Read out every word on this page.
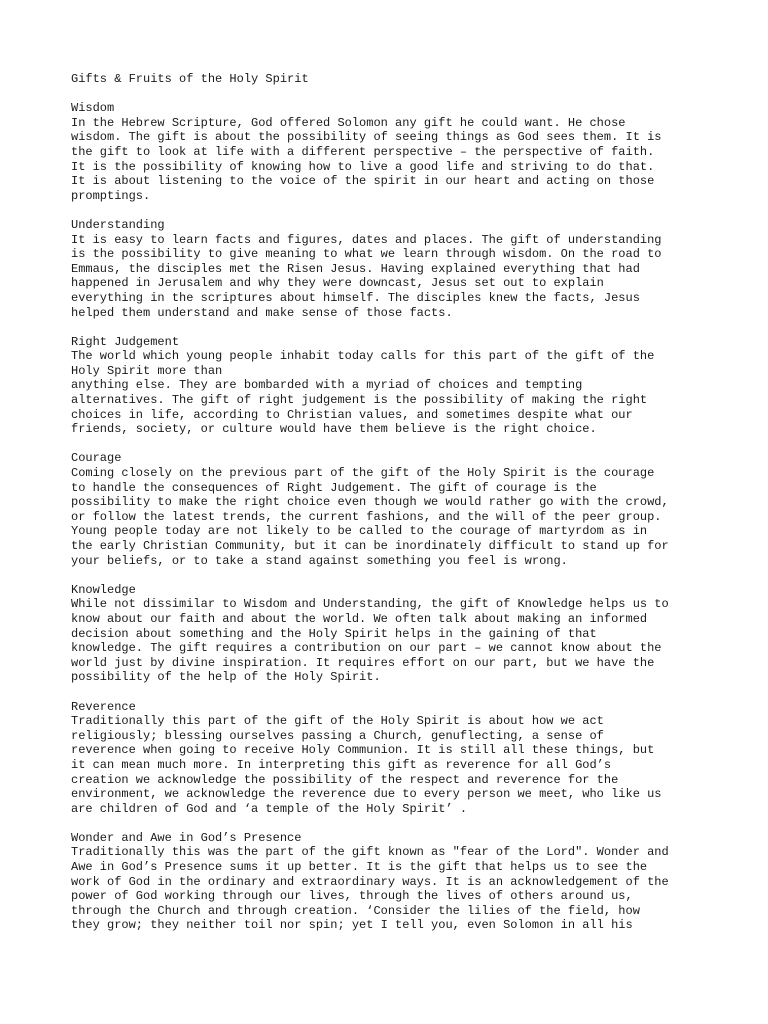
Gifts & Fruits of the Holy Spirit
Wisdom
In the Hebrew Scripture, God offered Solomon any gift he could want. He chose
wisdom. The gift is about the possibility of seeing things as God sees them. It is
the gift to look at life with a different perspective – the perspective of faith.
It is the possibility of knowing how to live a good life and striving to do that.
It is about listening to the voice of the spirit in our heart and acting on those
promptings.
Understanding
It is easy to learn facts and figures, dates and places. The gift of understanding
is the possibility to give meaning to what we learn through wisdom. On the road to
Emmaus, the disciples met the Risen Jesus. Having explained everything that had
happened in Jerusalem and why they were downcast, Jesus set out to explain
everything in the scriptures about himself. The disciples knew the facts, Jesus
helped them understand and make sense of those facts.
Right Judgement
The world which young people inhabit today calls for this part of the gift of the
Holy Spirit more than
anything else. They are bombarded with a myriad of choices and tempting
alternatives. The gift of right judgement is the possibility of making the right
choices in life, according to Christian values, and sometimes despite what our
friends, society, or culture would have them believe is the right choice.
Courage
Coming closely on the previous part of the gift of the Holy Spirit is the courage
to handle the consequences of Right Judgement. The gift of courage is the
possibility to make the right choice even though we would rather go with the crowd,
or follow the latest trends, the current fashions, and the will of the peer group.
Young people today are not likely to be called to the courage of martyrdom as in
the early Christian Community, but it can be inordinately difficult to stand up for
your beliefs, or to take a stand against something you feel is wrong.
Knowledge
While not dissimilar to Wisdom and Understanding, the gift of Knowledge helps us to
know about our faith and about the world. We often talk about making an informed
decision about something and the Holy Spirit helps in the gaining of that
knowledge. The gift requires a contribution on our part – we cannot know about the
world just by divine inspiration. It requires effort on our part, but we have the
possibility of the help of the Holy Spirit.
Reverence
Traditionally this part of the gift of the Holy Spirit is about how we act
religiously; blessing ourselves passing a Church, genuflecting, a sense of
reverence when going to receive Holy Communion. It is still all these things, but
it can mean much more. In interpreting this gift as reverence for all God’s
creation we acknowledge the possibility of the respect and reverence for the
environment, we acknowledge the reverence due to every person we meet, who like us
are children of God and ‘a temple of the Holy Spirit’ .
Wonder and Awe in God’s Presence
Traditionally this was the part of the gift known as "fear of the Lord". Wonder and
Awe in God’s Presence sums it up better. It is the gift that helps us to see the
work of God in the ordinary and extraordinary ways. It is an acknowledgement of the
power of God working through our lives, through the lives of others around us,
through the Church and through creation. ‘Consider the lilies of the field, how
they grow; they neither toil nor spin; yet I tell you, even Solomon in all his
